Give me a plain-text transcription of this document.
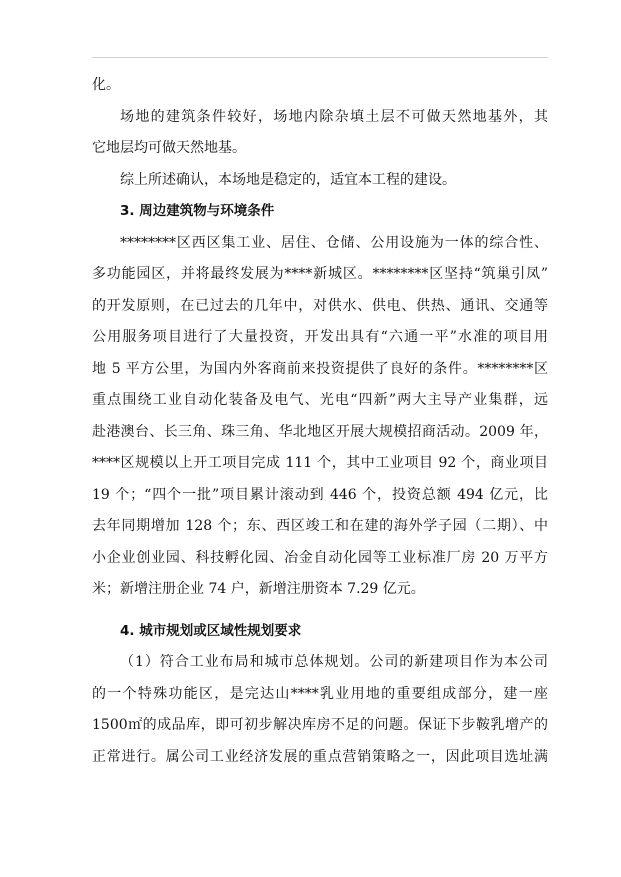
化。
场地的建筑条件较好，场地内除杂填土层不可做天然地基外，其
它地层均可做天然地基。
综上所述确认，本场地是稳定的，适宜本工程的建设。
3. 周边建筑物与环境条件
********区西区集工业、居住、仓储、公用设施为一体的综合性、
多功能园区，并将最终发展为****新城区。********区坚持“筑巢引凤”
的开发原则，在已过去的几年中，对供水、供电、供热、通讯、交通等
公用服务项目进行了大量投资，开发出具有“六通一平”水准的项目用
地 5 平方公里，为国内外客商前来投资提供了良好的条件。********区
重点围绕工业自动化装备及电气、光电“四新”两大主导产业集群，远
赴港澳台、长三角、珠三角、华北地区开展大规模招商活动。2009 年，
****区规模以上开工项目完成 111 个，其中工业项目 92 个，商业项目
19 个；“四个一批”项目累计滚动到 446 个，投资总额 494 亿元，比
去年同期增加 128 个；东、西区竣工和在建的海外学子园（二期）、中
小企业创业园、科技孵化园、冶金自动化园等工业标准厂房 20 万平方
米；新增注册企业 74 户，新增注册资本 7.29 亿元。
4. 城市规划或区域性规划要求
（1）符合工业布局和城市总体规划。公司的新建项目作为本公司
的一个特殊功能区，是完达山****乳业用地的重要组成部分，建一座
1500㎡的成品库，即可初步解决库房不足的问题。保证下步鞍乳增产的
正常进行。属公司工业经济发展的重点营销策略之一，因此项目选址满
